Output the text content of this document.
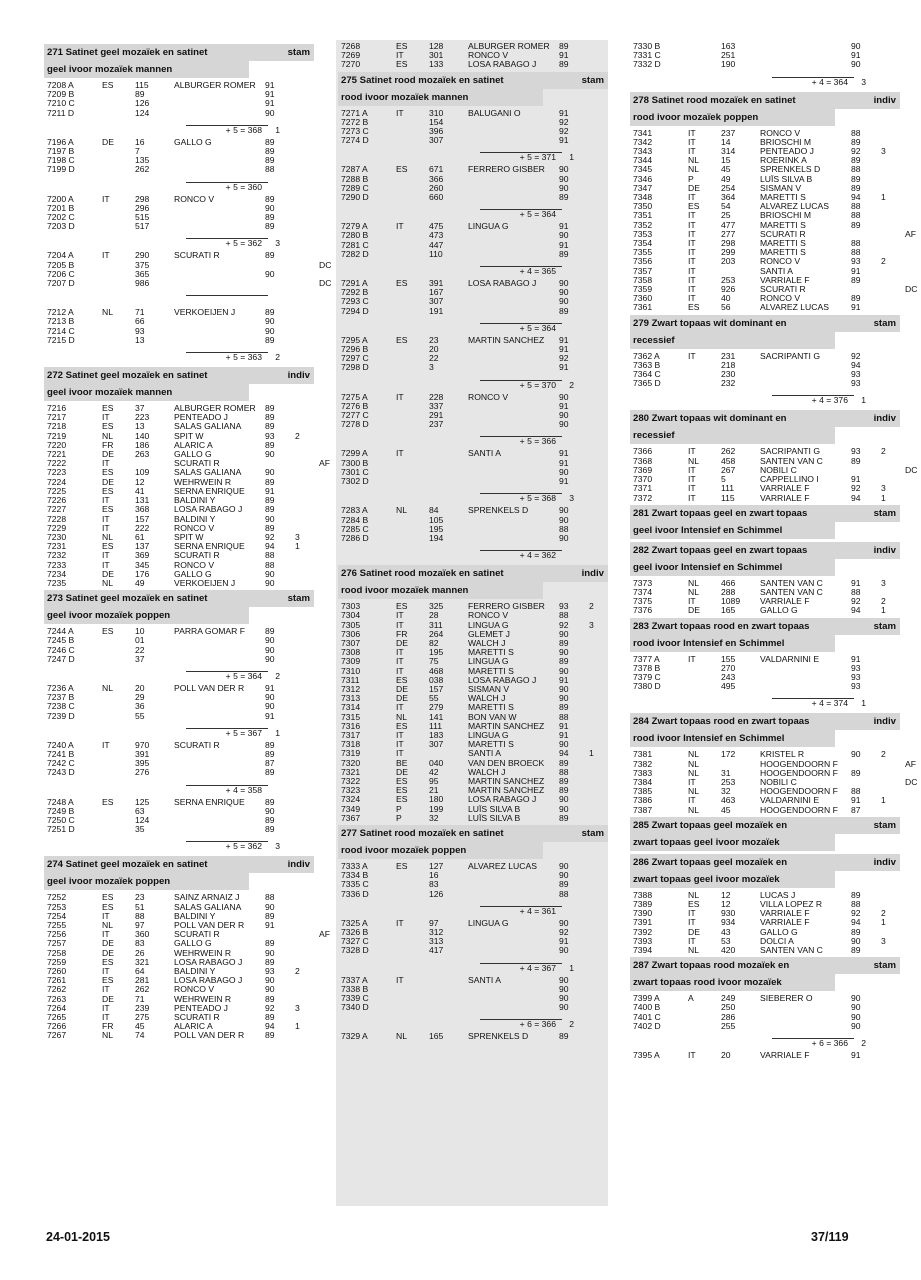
271 Satinet geel mozaïek en satinet	stam
geel ivoor mozaïek mannen
7208 A	ES	115	ALBURGER ROMER	91
7209 B	89	91
7210 C	126	91
7211 D	124	90
+ 5 = 368 1
7196 A	DE	16	GALLO G	89
7197 B	7	89
7198 C	135	89
7199 D	262	88
+ 5 = 360
7200 A	IT	298	RONCO V	89
7201 B	296	90
7202 C	515	89
7203 D	517	89
+ 5 = 362 3
7204 A	IT	290	SCURATI R	89
7205 B	375	DC
7206 C	365	90
7207 D	986	DC
7212 A	NL	71	VERKOEIJEN J	89
7213 B	66	90
7214 C	93	90
7215 D	13	89
+ 5 = 363 2
272 Satinet geel mozaïek en satinet	indiv
geel ivoor mozaïek mannen
7216	ES	37	ALBURGER ROMER	89
7217	IT	223	PENTEADO J	89
7218	ES	13	SALAS GALIANA	89
7219	NL	140	SPIT W	93	2
7220	FR	186	ALARIC A	89
7221	DE	263	GALLO G	90
7222	IT	SCURATI R	AF
7223	ES	109	SALAS GALIANA	90
7224	DE	12	WEHRWEIN R	89
7225	ES	41	SERNA ENRIQUE	91
7226	IT	131	BALDINI Y	89
7227	ES	368	LOSA RABAGO J	89
7228	IT	157	BALDINI Y	90
7229	IT	222	RONCO V	89
7230	NL	61	SPIT W	92	3
7231	ES	137	SERNA ENRIQUE	94	1
7232	IT	369	SCURATI R	88
7233	IT	345	RONCO V	88
7234	DE	176	GALLO G	90
7235	NL	49	VERKOEIJEN J	90
273 Satinet geel mozaïek en satinet	stam
geel ivoor mozaïek poppen
7244 A	ES	10	PARRA GOMAR F	89
7245 B	01	90
7246 C	22	90
7247 D	37	90
+ 5 = 364 2
7236 A	NL	20	POLL VAN DER R	91
7237 B	29	90
7238 C	36	90
7239 D	55	91
+ 5 = 367 1
7240 A	IT	970	SCURATI R	89
7241 B	391	89
7242 C	395	87
7243 D	276	89
+ 4 = 358
7248 A	ES	125	SERNA ENRIQUE	89
7249 B	63	90
7250 C	124	89
7251 D	35	89
+ 5 = 362 3
274 Satinet geel mozaïek en satinet	indiv
geel ivoor mozaïek poppen
7252	ES	23	SAINZ ARNAIZ J	88
7253	ES	51	SALAS GALIANA	90
7254	IT	88	BALDINI Y	89
7255	NL	97	POLL VAN DER R	91
7256	IT	360	SCURATI R	AF
7257	DE	83	GALLO G	89
7258	DE	26	WEHRWEIN R	90
7259	ES	321	LOSA RABAGO J	89
7260	IT	64	BALDINI Y	93	2
7261	ES	281	LOSA RABAGO J	90
7262	IT	262	RONCO V	90
7263	DE	71	WEHRWEIN R	89
7264	IT	239	PENTEADO J	92	3
7265	IT	275	SCURATI R	89
7266	FR	45	ALARIC A	94	1
7267	NL	74	POLL VAN DER R	89
7268	ES	128	ALBURGER ROMER	89
7269	IT	301	RONCO V	91
7270	ES	133	LOSA RABAGO J	89
275 Satinet rood mozaïek en satinet	stam
rood ivoor mozaïek mannen
7271 A	IT	310	BALUGANI O	91
7272 B	154	92
7273 C	396	92
7274 D	307	91
+ 5 = 371 1
7287 A	ES	671	FERRERO GISBER	90
7288 B	366	90
7289 C	260	90
7290 D	660	89
+ 5 = 364
7279 A	IT	475	LINGUA G	91
7280 B	473	90
7281 C	447	91
7282 D	110	89
+ 4 = 365
7291 A	ES	391	LOSA RABAGO J	90
7292 B	167	90
7293 C	307	90
7294 D	191	89
+ 5 = 364
7295 A	ES	23	MARTIN SANCHEZ	91
7296 B	20	91
7297 C	22	92
7298 D	3	91
+ 5 = 370 2
7275 A	IT	228	RONCO V	90
7276 B	337	91
7277 C	291	90
7278 D	237	90
+ 5 = 366
7299 A	IT	SANTI A	91
7300 B	91
7301 C	90
7302 D	91
+ 5 = 368 3
7283 A	NL	84	SPRENKELS D	90
7284 B	105	90
7285 C	195	88
7286 D	194	90
+ 4 = 362
276 Satinet rood mozaïek en satinet	indiv
rood ivoor mozaïek mannen
7303	ES	325	FERRERO GISBER	93	2
7304	IT	28	RONCO V	88
7305	IT	311	LINGUA G	92	3
7306	FR	264	GLEMET J	90
7307	DE	82	WALCH J	89
7308	IT	195	MARETTI S	90
7309	IT	75	LINGUA G	89
7310	IT	468	MARETTI S	90
7311	ES	038	LOSA RABAGO J	91
7312	DE	157	SISMAN V	90
7313	DE	55	WALCH J	90
7314	IT	279	MARETTI S	89
7315	NL	141	BON VAN W	88
7316	ES	111	MARTIN SANCHEZ	91
7317	IT	183	LINGUA G	91
7318	IT	307	MARETTI S	90
7319	IT	SANTI A	94	1
7320	BE	040	VAN DEN BROECK	89
7321	DE	42	WALCH J	88
7322	ES	95	MARTIN SANCHEZ	89
7323	ES	21	MARTIN SANCHEZ	89
7324	ES	180	LOSA RABAGO J	90
7349	P	199	LUÏS SILVA B	90
7367	P	32	LUÏS SILVA B	89
277 Satinet rood mozaïek en satinet	stam
rood ivoor mozaïek poppen
7333 A	ES	127	ALVAREZ LUCAS	90
7334 B	16	90
7335 C	83	89
7336 D	126	88
+ 4 = 361
7325 A	IT	97	LINGUA G	90
7326 B	312	92
7327 C	313	91
7328 D	417	90
+ 4 = 367 1
7337 A	IT	SANTI A	90
7338 B	90
7339 C	90
7340 D	90
+ 6 = 366 2
7329 A	NL	165	SPRENKELS D	89
7330 B	163	90
7331 C	251	91
7332 D	190	90
+ 4 = 364 3
278 Satinet rood mozaïek en satinet	indiv
rood ivoor mozaïek poppen
7341	IT	237	RONCO V	88
7342	IT	14	BRIOSCHI M	89
7343	IT	314	PENTEADO J	92	3
7344	NL	15	ROERINK A	89
7345	NL	45	SPRENKELS D	88
7346	P	49	LUÏS SILVA B	89
7347	DE	254	SISMAN V	89
7348	IT	364	MARETTI S	94	1
7350	ES	54	ALVAREZ LUCAS	88
7351	IT	25	BRIOSCHI M	88
7352	IT	477	MARETTI S	89
7353	IT	277	SCURATI R	AF
7354	IT	298	MARETTI S	88
7355	IT	299	MARETTI S	88
7356	IT	203	RONCO V	93	2
7357	IT	SANTI A	91
7358	IT	253	VARRIALE F	89
7359	IT	926	SCURATI R	DC
7360	IT	40	RONCO V	89
7361	ES	56	ALVAREZ LUCAS	91
279 Zwart topaas wit dominant en	stam
recessief
7362 A	IT	231	SACRIPANTI G	92
7363 B	218	94
7364 C	230	93
7365 D	232	93
+ 4 = 376 1
280 Zwart topaas wit dominant en	indiv
recessief
7366	IT	262	SACRIPANTI G	93	2
7368	NL	458	SANTEN VAN C	89
7369	IT	267	NOBILI C	DC
7370	IT	5	CAPPELLINO I	91
7371	IT	111	VARRIALE F	92	3
7372	IT	115	VARRIALE F	94	1
281 Zwart topaas geel en zwart topaas	stam
geel ivoor Intensief en Schimmel
282 Zwart topaas geel en zwart topaas	indiv
geel ivoor Intensief en Schimmel
7373	NL	466	SANTEN VAN C	91	3
7374	NL	288	SANTEN VAN C	88
7375	IT	1089	VARRIALE F	92	2
7376	DE	165	GALLO G	94	1
283 Zwart topaas rood en zwart topaas	stam
rood ivoor Intensief en Schimmel
7377 A	IT	155	VALDARNINI E	91
7378 B	270	93
7379 C	243	93
7380 D	495	93
+ 4 = 374 1
284 Zwart topaas rood en zwart topaas	indiv
rood ivoor Intensief en Schimmel
7381	NL	172	KRISTEL R	90	2
7382	NL	HOOGENDOORN F	AF
7383	NL	31	HOOGENDOORN F	89
7384	IT	253	NOBILI C	DC
7385	NL	32	HOOGENDOORN F	88
7386	IT	463	VALDARNINI E	91	1
7387	NL	45	HOOGENDOORN F	87
285 Zwart topaas geel mozaïek en	stam
zwart topaas geel ivoor mozaïek
286 Zwart topaas geel mozaïek en	indiv
zwart topaas geel ivoor mozaïek
7388	NL	12	LUCAS J	89
7389	ES	12	VILLA LOPEZ R	88
7390	IT	930	VARRIALE F	92	2
7391	IT	934	VARRIALE F	94	1
7392	DE	43	GALLO G	89
7393	IT	53	DOLCI A	90	3
7394	NL	420	SANTEN VAN C	89
287 Zwart topaas rood mozaïek en	stam
zwart topaas rood ivoor mozaïek
7399 A	A	249	SIEBERER O	90
7400 B	250	90
7401 C	286	90
7402 D	255	90
+ 6 = 366 2
7395 A	IT	20	VARRIALE F	91
24-01-2015	37/119
